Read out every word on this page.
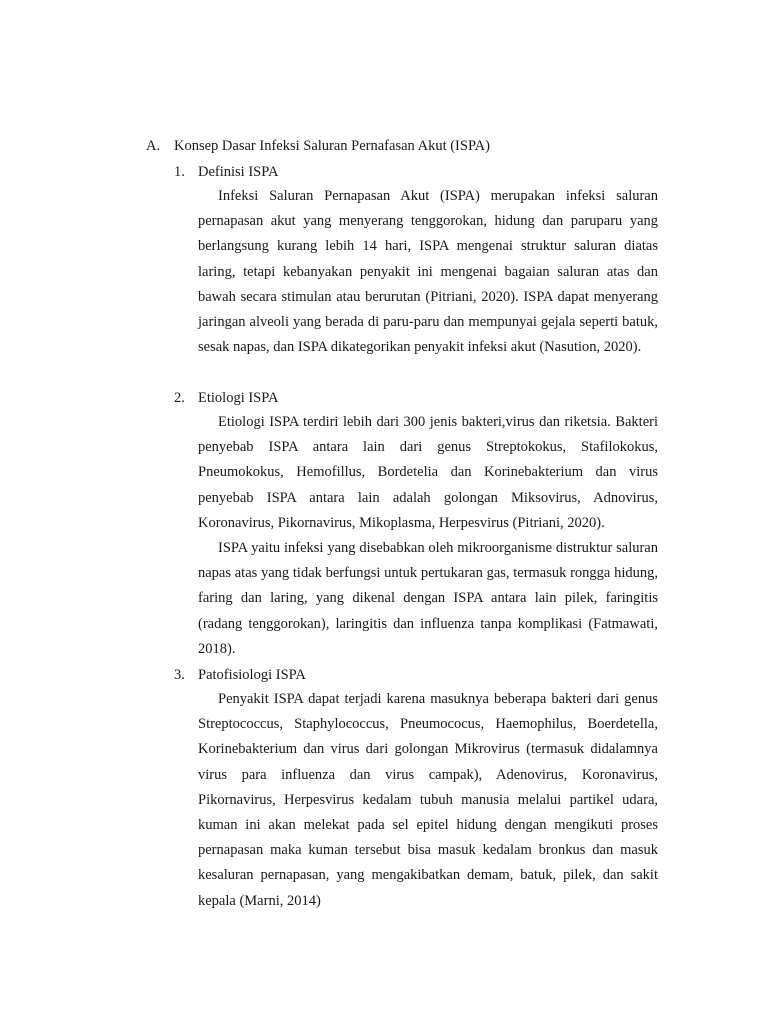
A. Konsep Dasar Infeksi Saluran Pernafasan Akut (ISPA)
1. Definisi ISPA

Infeksi Saluran Pernapasan Akut (ISPA) merupakan infeksi saluran pernapasan akut yang menyerang tenggorokan, hidung dan paruparu yang berlangsung kurang lebih 14 hari, ISPA mengenai struktur saluran diatas laring, tetapi kebanyakan penyakit ini mengenai bagaian saluran atas dan bawah secara stimulan atau berurutan (Pitriani, 2020). ISPA dapat menyerang jaringan alveoli yang berada di paru-paru dan mempunyai gejala seperti batuk, sesak napas, dan ISPA dikategorikan penyakit infeksi akut (Nasution, 2020).

2. Etiologi ISPA

Etiologi ISPA terdiri lebih dari 300 jenis bakteri,virus dan riketsia. Bakteri penyebab ISPA antara lain dari genus Streptokokus, Stafilokokus, Pneumokokus, Hemofillus, Bordetelia dan Korinebakterium dan virus penyebab ISPA antara lain adalah golongan Miksovirus, Adnovirus, Koronavirus, Pikornavirus, Mikoplasma, Herpesvirus (Pitriani, 2020).

ISPA yaitu infeksi yang disebabkan oleh mikroorganisme distruktur saluran napas atas yang tidak berfungsi untuk pertukaran gas, termasuk rongga hidung, faring dan laring, yang dikenal dengan ISPA antara lain pilek, faringitis (radang tenggorokan), laringitis dan influenza tanpa komplikasi (Fatmawati, 2018).

3. Patofisiologi ISPA

Penyakit ISPA dapat terjadi karena masuknya beberapa bakteri dari genus Streptococcus, Staphylococcus, Pneumococus, Haemophilus, Boerdetella, Korinebakterium dan virus dari golongan Mikrovirus (termasuk didalamnya virus para influenza dan virus campak), Adenovirus, Koronavirus, Pikornavirus, Herpesvirus kedalam tubuh manusia melalui partikel udara, kuman ini akan melekat pada sel epitel hidung dengan mengikuti proses pernapasan maka kuman tersebut bisa masuk kedalam bronkus dan masuk kesaluran pernapasan, yang mengakibatkan demam, batuk, pilek, dan sakit kepala (Marni, 2014)
